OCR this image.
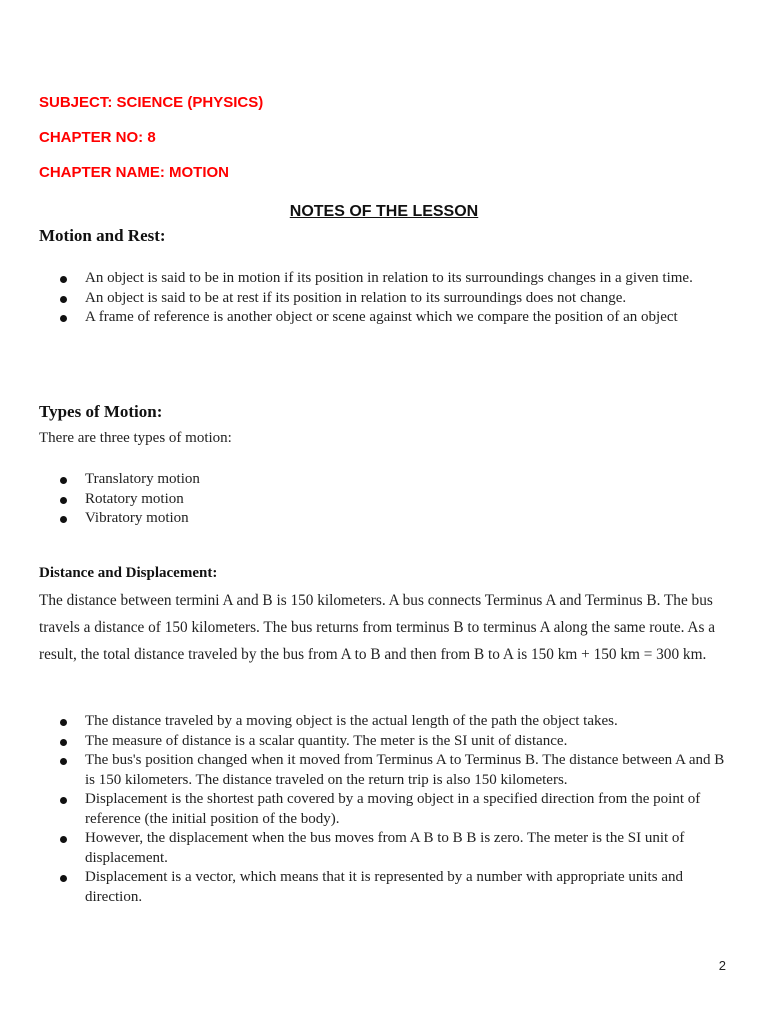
SUBJECT: SCIENCE (PHYSICS)
CHAPTER NO: 8
CHAPTER NAME: MOTION
NOTES OF THE LESSON
Motion and Rest:
An object is said to be in motion if its position in relation to its surroundings changes in a given time.
An object is said to be at rest if its position in relation to its surroundings does not change.
A frame of reference is another object or scene against which we compare the position of an object
Types of Motion:
There are three types of motion:
Translatory motion
Rotatory motion
Vibratory motion
Distance and Displacement:

The distance between termini A and B is 150 kilometers. A bus connects Terminus A and Terminus B. The bus travels a distance of 150 kilometers. The bus returns from terminus B to terminus A along the same route. As a result, the total distance traveled by the bus from A to B and then from B to A is 150 km + 150 km = 300 km.

The distance traveled by a moving object is the actual length of the path the object takes.
The measure of distance is a scalar quantity. The meter is the SI unit of distance.
The bus's position changed when it moved from Terminus A to Terminus B. The distance between A and B is 150 kilometers. The distance traveled on the return trip is also 150 kilometers.
Displacement is the shortest path covered by a moving object in a specified direction from the point of reference (the initial position of the body).
However, the displacement when the bus moves from A B to B B is zero. The meter is the SI unit of displacement.
Displacement is a vector, which means that it is represented by a number with appropriate units and direction.
2
